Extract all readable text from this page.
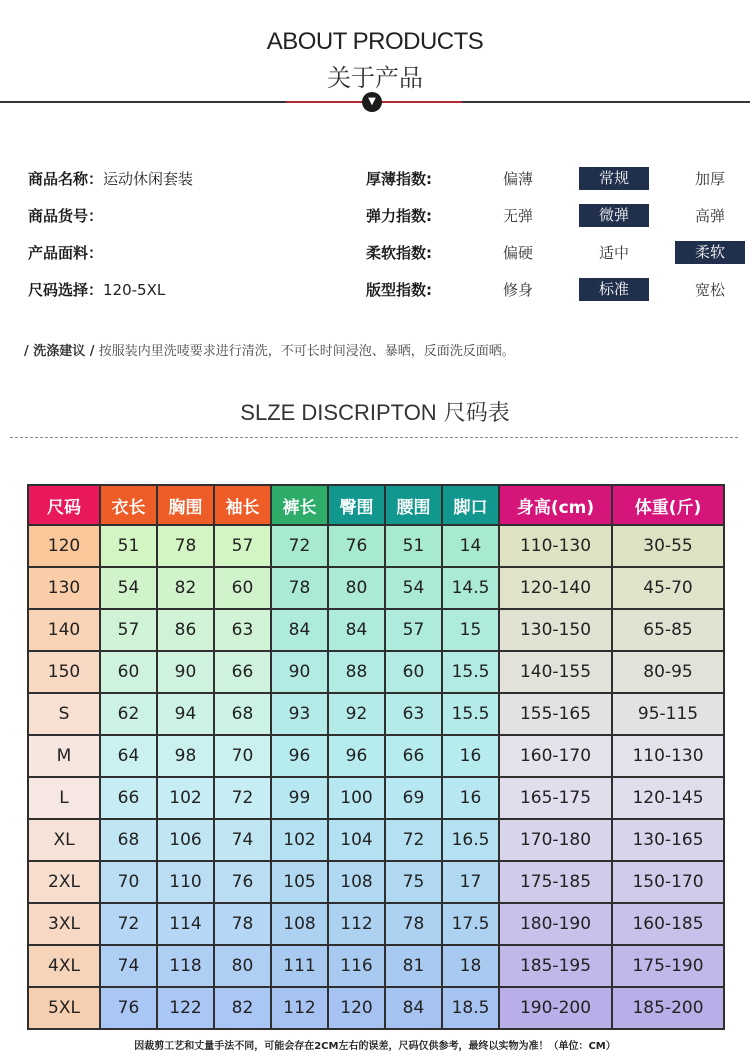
ABOUT PRODUCTS
关于产品
▼
商品名称： 运动休闲套装
商品货号：
产品面料：
尺码选择： 120-5XL
厚薄指数:	偏薄	常规	加厚
弹力指数:	无弹	微弹	高弹
柔软指数:	偏硬	适中	柔软
版型指数:	修身	标准	宽松
/ 洗涤建议 / 按服装内里洗唛要求进行清洗，不可长时间浸泡、暴晒，反面洗反面晒。
SLZE DISCRIPTON 尺码表
尺码	衣长	胸围	袖长	裤长	臀围	腰围	脚口	身高(cm)	体重(斤)
120	51	78	57	72	76	51	14	110-130	30-55
130	54	82	60	78	80	54	14.5	120-140	45-70
140	57	86	63	84	84	57	15	130-150	65-85
150	60	90	66	90	88	60	15.5	140-155	80-95
S	62	94	68	93	92	63	15.5	155-165	95-115
M	64	98	70	96	96	66	16	160-170	110-130
L	66	102	72	99	100	69	16	165-175	120-145
XL	68	106	74	102	104	72	16.5	170-180	130-165
2XL	70	110	76	105	108	75	17	175-185	150-170
3XL	72	114	78	108	112	78	17.5	180-190	160-185
4XL	74	118	80	111	116	81	18	185-195	175-190
5XL	76	122	82	112	120	84	18.5	190-200	185-200
因裁剪工艺和丈量手法不同，可能会存在2CM左右的误差，尺码仅供参考，最终以实物为准！（单位：CM）
